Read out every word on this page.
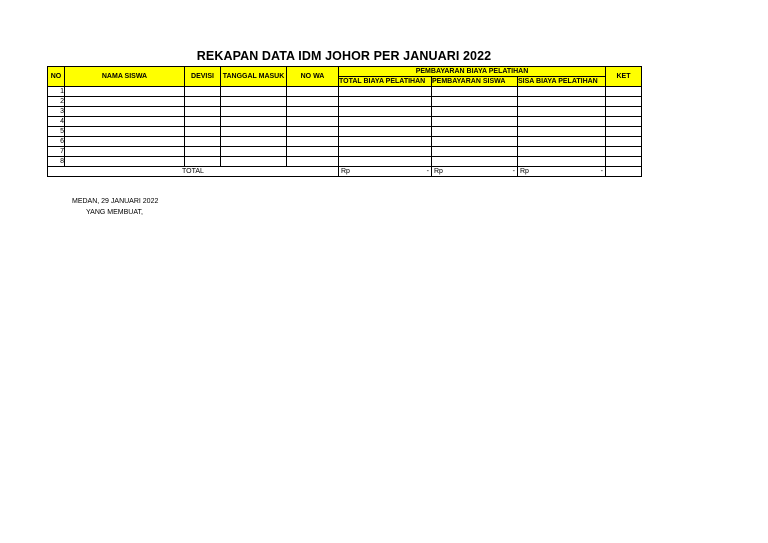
REKAPAN DATA IDM JOHOR PER JANUARI 2022
NO	NAMA SISWA	DEVISI	TANGGAL MASUK	NO WA	PEMBAYARAN BIAYA PELATIHAN			KET
					TOTAL BIAYA PELATIHAN	PEMBAYARAN SISWA	SISA BIAYA PELATIHAN	
1								
2								
3								
4								
5								
6								
7								
8								
TOTAL					Rp -	Rp -	Rp -	

MEDAN, 29 JANUARI 2022
YANG MEMBUAT,
